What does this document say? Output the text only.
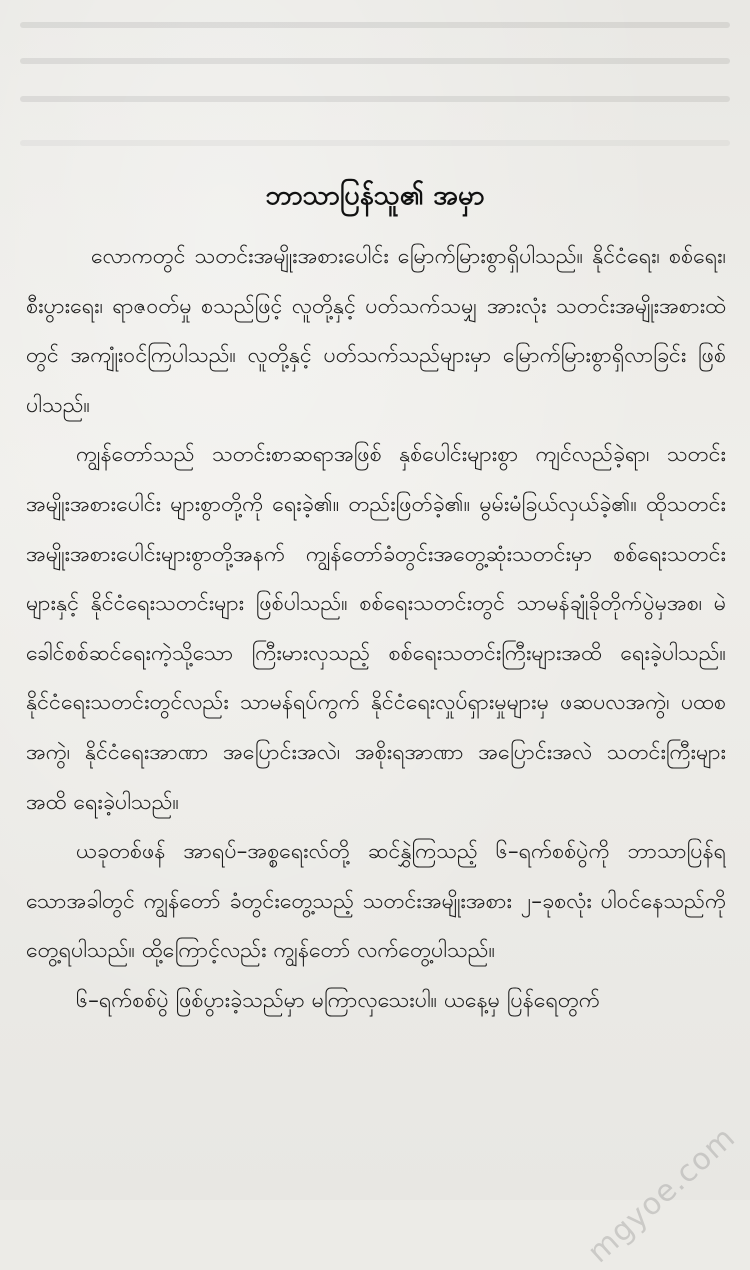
ဘာသာပြန်သူ၏ အမှာ

လောကတွင် သတင်းအမျိုးအစားပေါင်း မြောက်မြားစွာရှိပါသည်။ နိုင်ငံရေး၊ စစ်ရေး၊ စီးပွားရေး၊ ရာဇဝတ်မှု စသည်ဖြင့် လူတို့နှင့် ပတ်သက်သမျှ အားလုံး သတင်းအမျိုးအစားထဲတွင် အကျုံးဝင်ကြပါသည်။ လူတို့နှင့် ပတ်သက်သည်များမှာ မြောက်မြားစွာရှိလာခြင်း ဖြစ်ပါသည်။

ကျွန်တော်သည် သတင်းစာဆရာအဖြစ် နှစ်ပေါင်းများစွာ ကျင်လည်ခဲ့ရာ၊ သတင်းအမျိုးအစားပေါင်း များစွာတို့ကို ရေးခဲ့၏။ တည်းဖြတ်ခဲ့၏။ မွမ်းမံခြယ်လှယ်ခဲ့၏။ ထိုသတင်းအမျိုးအစားပေါင်းများစွာတို့အနက် ကျွန်တော်ခံတွင်းအတွေ့ဆုံးသတင်းမှာ စစ်ရေးသတင်းများနှင့် နိုင်ငံရေးသတင်းများ ဖြစ်ပါသည်။ စစ်ရေးသတင်းတွင် သာမန်ချုံခိုတိုက်ပွဲမှအစ၊ မဲခေါင်စစ်ဆင်ရေးကဲ့သို့သော ကြီးမားလှသည့် စစ်ရေးသတင်းကြီးများအထိ ရေးခဲ့ပါသည်။ နိုင်ငံရေးသတင်းတွင်လည်း သာမန်ရပ်ကွက် နိုင်ငံရေးလှုပ်ရှားမှုများမှ ဖဆပလအကွဲ၊ ပထစအကွဲ၊ နိုင်ငံရေးအာဏာ အပြောင်းအလဲ၊ အစိုးရအာဏာ အပြောင်းအလဲ သတင်းကြီးများအထိ ရေးခဲ့ပါသည်။

ယခုတစ်ဖန် အာရပ်–အစ္စရေးလ်တို့ ဆင်နွှဲကြသည့် ၆–ရက်စစ်ပွဲကို ဘာသာပြန်ရသောအခါတွင် ကျွန်တော် ခံတွင်းတွေ့သည့် သတင်းအမျိုးအစား ၂–ခုစလုံး ပါဝင်နေသည်ကို တွေ့ရပါသည်။ ထို့ကြောင့်လည်း ကျွန်တော် လက်တွေ့ပါသည်။

၆–ရက်စစ်ပွဲ ဖြစ်ပွားခဲ့သည်မှာ မကြာလှသေးပါ။ ယနေ့မှ ပြန်ရေတွက်

mgyoe.com
